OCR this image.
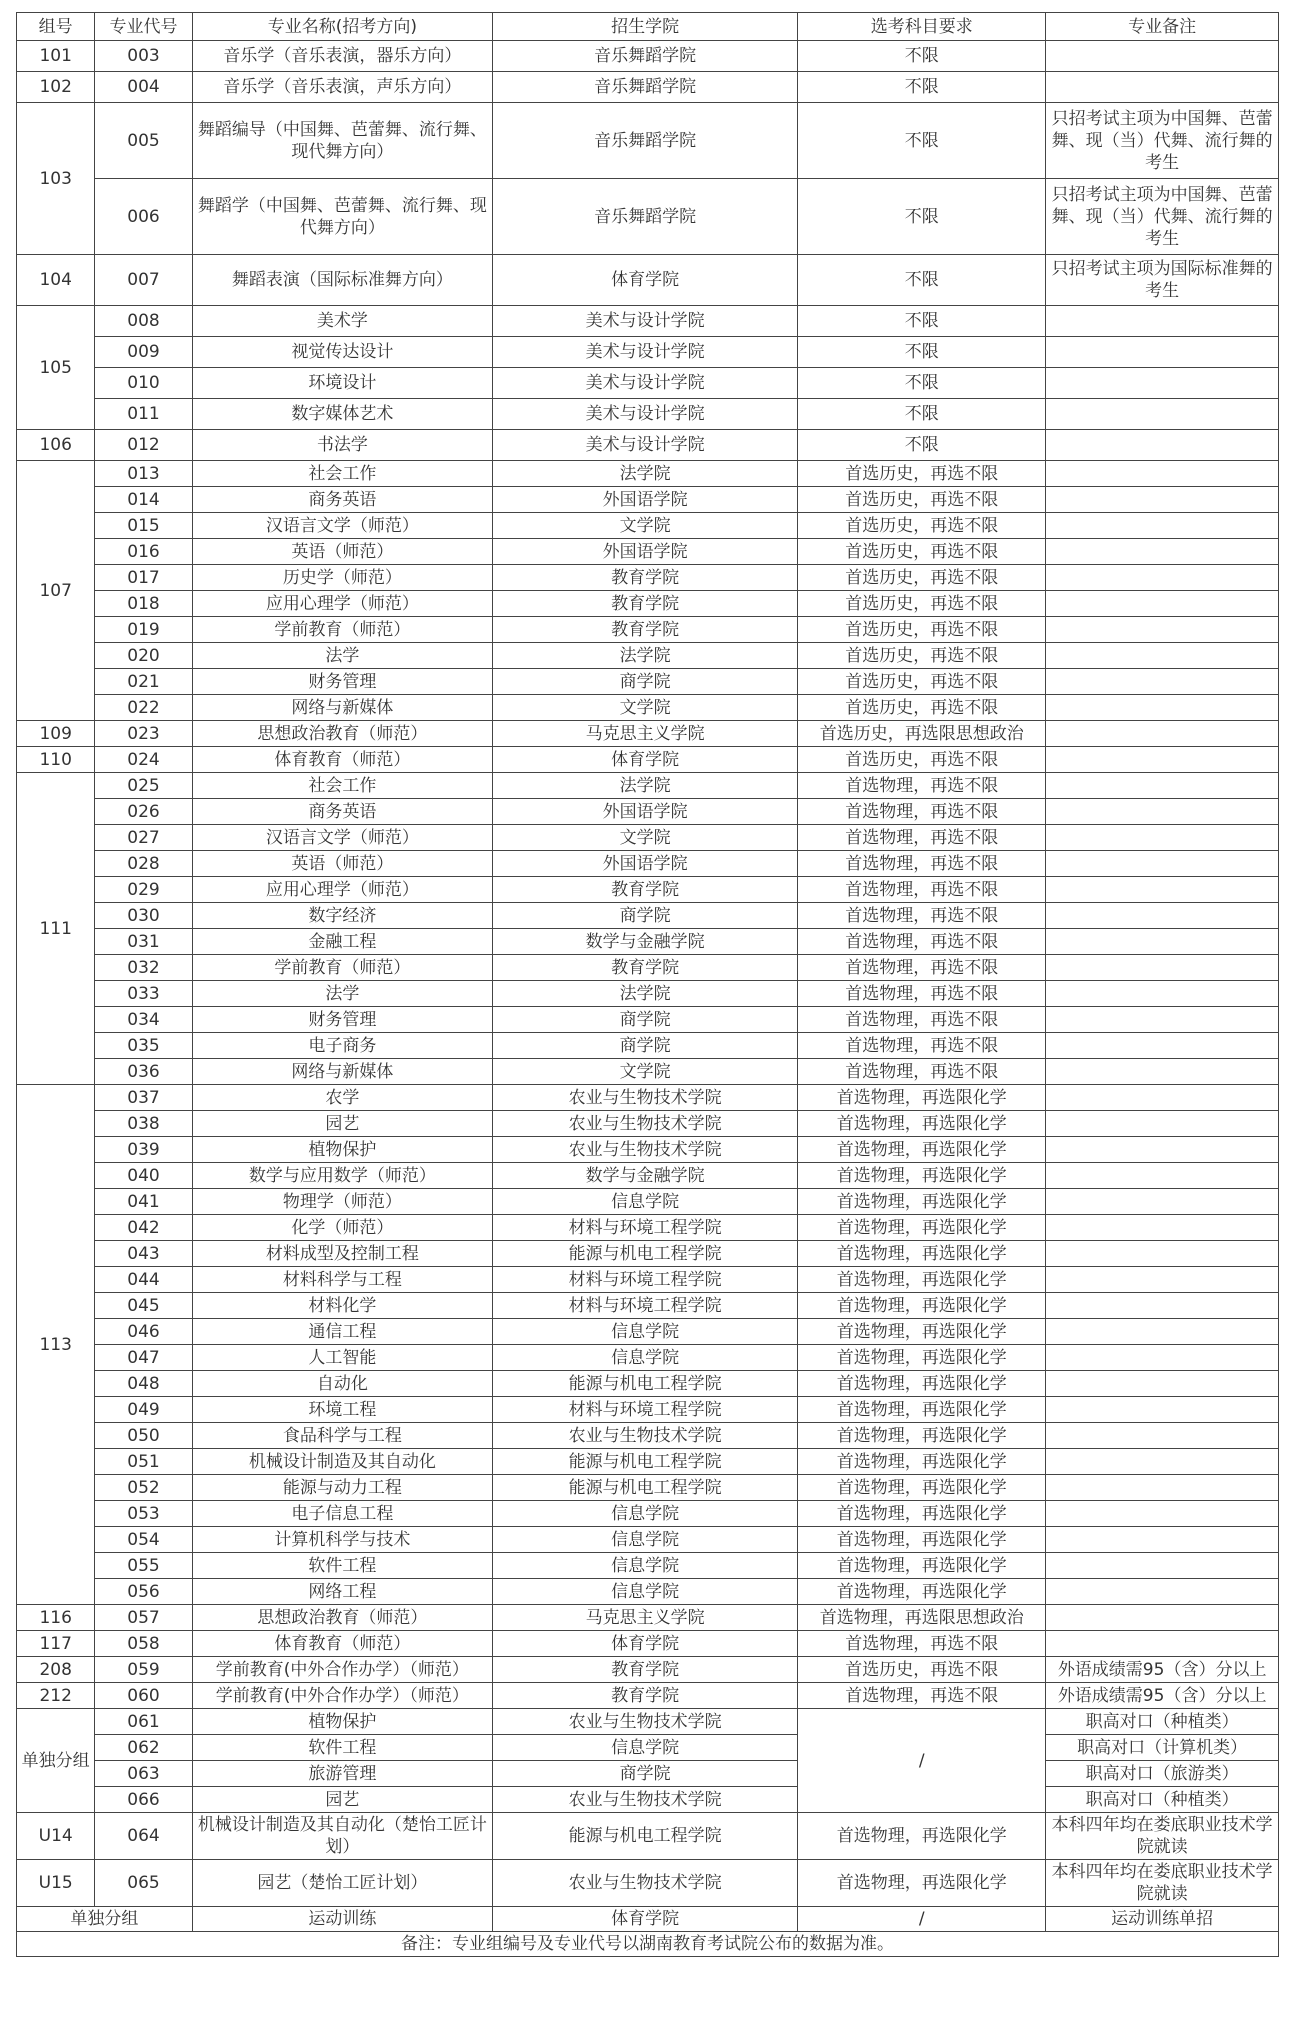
组号	专业代号	专业名称(招考方向)	招生学院	选考科目要求	专业备注
101	003	音乐学（音乐表演，器乐方向）	音乐舞蹈学院	不限	
102	004	音乐学（音乐表演，声乐方向）	音乐舞蹈学院	不限	
103	005	舞蹈编导（中国舞、芭蕾舞、流行舞、现代舞方向）	音乐舞蹈学院	不限	只招考试主项为中国舞、芭蕾舞、现（当）代舞、流行舞的考生
	006	舞蹈学（中国舞、芭蕾舞、流行舞、现代舞方向）	音乐舞蹈学院	不限	只招考试主项为中国舞、芭蕾舞、现（当）代舞、流行舞的考生
104	007	舞蹈表演（国际标准舞方向）	体育学院	不限	只招考试主项为国际标准舞的考生
105	008	美术学	美术与设计学院	不限	
	009	视觉传达设计	美术与设计学院	不限	
	010	环境设计	美术与设计学院	不限	
	011	数字媒体艺术	美术与设计学院	不限	
106	012	书法学	美术与设计学院	不限	
107	013	社会工作	法学院	首选历史，再选不限	
	014	商务英语	外国语学院	首选历史，再选不限	
	015	汉语言文学（师范）	文学院	首选历史，再选不限	
	016	英语（师范）	外国语学院	首选历史，再选不限	
	017	历史学（师范）	教育学院	首选历史，再选不限	
	018	应用心理学（师范）	教育学院	首选历史，再选不限	
	019	学前教育（师范）	教育学院	首选历史，再选不限	
	020	法学	法学院	首选历史，再选不限	
	021	财务管理	商学院	首选历史，再选不限	
	022	网络与新媒体	文学院	首选历史，再选不限	
109	023	思想政治教育（师范）	马克思主义学院	首选历史，再选限思想政治	
110	024	体育教育（师范）	体育学院	首选历史，再选不限	
111	025	社会工作	法学院	首选物理，再选不限	
	026	商务英语	外国语学院	首选物理，再选不限	
	027	汉语言文学（师范）	文学院	首选物理，再选不限	
	028	英语（师范）	外国语学院	首选物理，再选不限	
	029	应用心理学（师范）	教育学院	首选物理，再选不限	
	030	数字经济	商学院	首选物理，再选不限	
	031	金融工程	数学与金融学院	首选物理，再选不限	
	032	学前教育（师范）	教育学院	首选物理，再选不限	
	033	法学	法学院	首选物理，再选不限	
	034	财务管理	商学院	首选物理，再选不限	
	035	电子商务	商学院	首选物理，再选不限	
	036	网络与新媒体	文学院	首选物理，再选不限	
113	037	农学	农业与生物技术学院	首选物理，再选限化学	
	038	园艺	农业与生物技术学院	首选物理，再选限化学	
	039	植物保护	农业与生物技术学院	首选物理，再选限化学	
	040	数学与应用数学（师范）	数学与金融学院	首选物理，再选限化学	
	041	物理学（师范）	信息学院	首选物理，再选限化学	
	042	化学（师范）	材料与环境工程学院	首选物理，再选限化学	
	043	材料成型及控制工程	能源与机电工程学院	首选物理，再选限化学	
	044	材料科学与工程	材料与环境工程学院	首选物理，再选限化学	
	045	材料化学	材料与环境工程学院	首选物理，再选限化学	
	046	通信工程	信息学院	首选物理，再选限化学	
	047	人工智能	信息学院	首选物理，再选限化学	
	048	自动化	能源与机电工程学院	首选物理，再选限化学	
	049	环境工程	材料与环境工程学院	首选物理，再选限化学	
	050	食品科学与工程	农业与生物技术学院	首选物理，再选限化学	
	051	机械设计制造及其自动化	能源与机电工程学院	首选物理，再选限化学	
	052	能源与动力工程	能源与机电工程学院	首选物理，再选限化学	
	053	电子信息工程	信息学院	首选物理，再选限化学	
	054	计算机科学与技术	信息学院	首选物理，再选限化学	
	055	软件工程	信息学院	首选物理，再选限化学	
	056	网络工程	信息学院	首选物理，再选限化学	
116	057	思想政治教育（师范）	马克思主义学院	首选物理，再选限思想政治	
117	058	体育教育（师范）	体育学院	首选物理，再选不限	
208	059	学前教育(中外合作办学）（师范）	教育学院	首选历史，再选不限	外语成绩需95（含）分以上
212	060	学前教育(中外合作办学）（师范）	教育学院	首选物理，再选不限	外语成绩需95（含）分以上
单独分组	061	植物保护	农业与生物技术学院	/	职高对口（种植类）
	062	软件工程	信息学院		职高对口（计算机类）
	063	旅游管理	商学院		职高对口（旅游类）
	066	园艺	农业与生物技术学院		职高对口（种植类）
U14	064	机械设计制造及其自动化（楚怡工匠计划）	能源与机电工程学院	首选物理，再选限化学	本科四年均在娄底职业技术学院就读
U15	065	园艺（楚怡工匠计划）	农业与生物技术学院	首选物理，再选限化学	本科四年均在娄底职业技术学院就读
单独分组		运动训练	体育学院	/	运动训练单招
备注：专业组编号及专业代号以湖南教育考试院公布的数据为准。					
